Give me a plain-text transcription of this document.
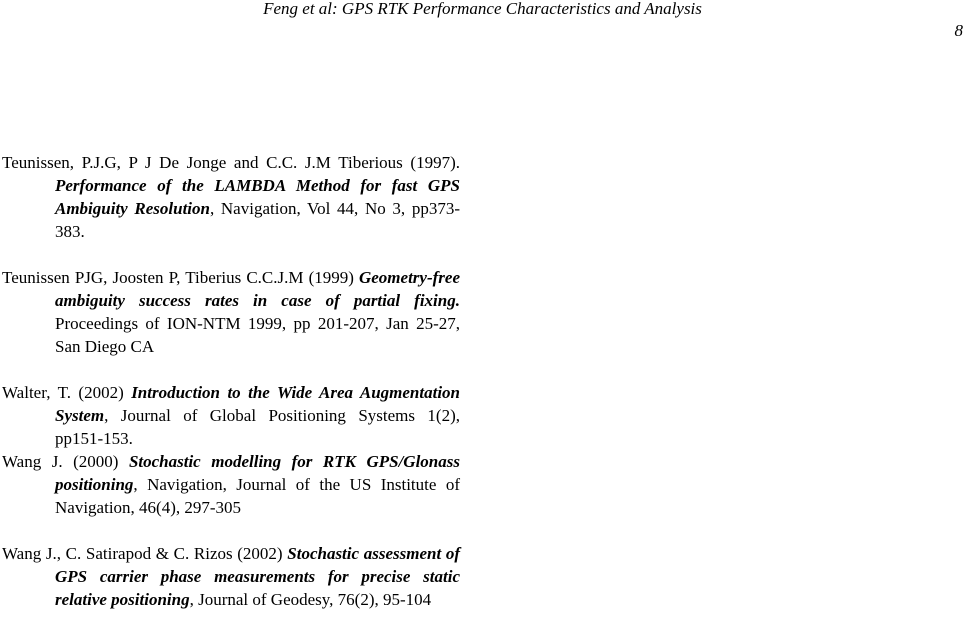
Feng et al: GPS RTK Performance Characteristics and Analysis
8

Teunissen, P.J.G, P J De Jonge and C.C. J.M Tiberious (1997). Performance of the LAMBDA Method for fast GPS Ambiguity Resolution, Navigation, Vol 44, No 3, pp373-383.

Teunissen PJG, Joosten P, Tiberius C.C.J.M (1999) Geometry-free ambiguity success rates in case of partial fixing. Proceedings of ION-NTM 1999, pp 201-207, Jan 25-27, San Diego CA

Walter, T. (2002) Introduction to the Wide Area Augmentation System, Journal of Global Positioning Systems 1(2), pp151-153.

Wang J. (2000) Stochastic modelling for RTK GPS/Glonass positioning, Navigation, Journal of the US Institute of Navigation, 46(4), 297-305

Wang J., C. Satirapod & C. Rizos (2002) Stochastic assessment of GPS carrier phase measurements for precise static relative positioning, Journal of Geodesy, 76(2), 95-104
